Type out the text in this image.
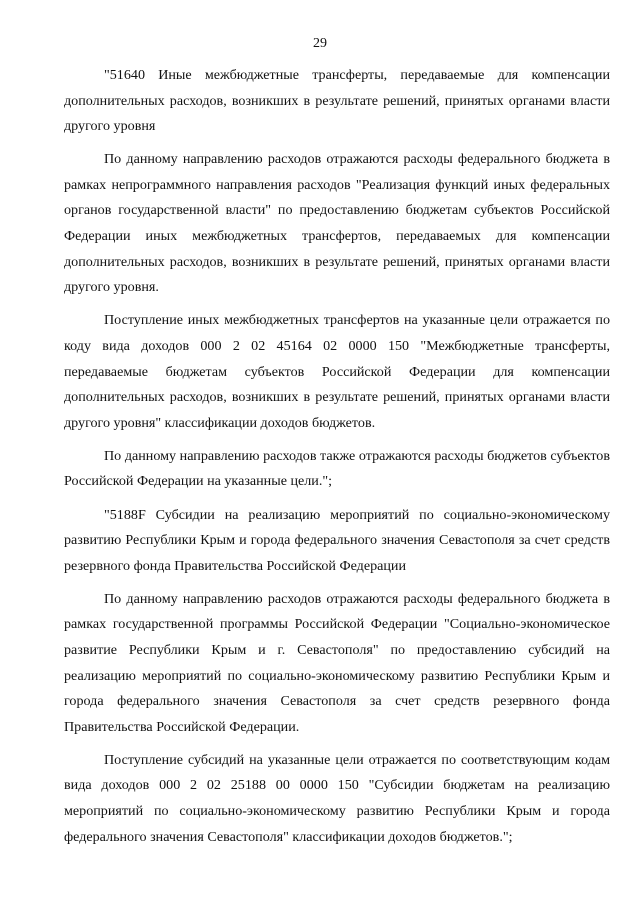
29

"51640 Иные межбюджетные трансферты, передаваемые для компенсации дополнительных расходов, возникших в результате решений, принятых органами власти другого уровня

По данному направлению расходов отражаются расходы федерального бюджета в рамках непрограммного направления расходов "Реализация функций иных федеральных органов государственной власти" по предоставлению бюджетам субъектов Российской Федерации иных межбюджетных трансфертов, передаваемых для компенсации дополнительных расходов, возникших в результате решений, принятых органами власти другого уровня.

Поступление иных межбюджетных трансфертов на указанные цели отражается по коду вида доходов 000 2 02 45164 02 0000 150 "Межбюджетные трансферты, передаваемые бюджетам субъектов Российской Федерации для компенсации дополнительных расходов, возникших в результате решений, принятых органами власти другого уровня" классификации доходов бюджетов.

По данному направлению расходов также отражаются расходы бюджетов субъектов Российской Федерации на указанные цели.";

"5188F Субсидии на реализацию мероприятий по социально-экономическому развитию Республики Крым и города федерального значения Севастополя за счет средств резервного фонда Правительства Российской Федерации

По данному направлению расходов отражаются расходы федерального бюджета в рамках государственной программы Российской Федерации "Социально-экономическое развитие Республики Крым и г. Севастополя" по предоставлению субсидий на реализацию мероприятий по социально-экономическому развитию Республики Крым и города федерального значения Севастополя за счет средств резервного фонда Правительства Российской Федерации.

Поступление субсидий на указанные цели отражается по соответствующим кодам вида доходов 000 2 02 25188 00 0000 150 "Субсидии бюджетам на реализацию мероприятий по социально-экономическому развитию Республики Крым и города федерального значения Севастополя" классификации доходов бюджетов.";
